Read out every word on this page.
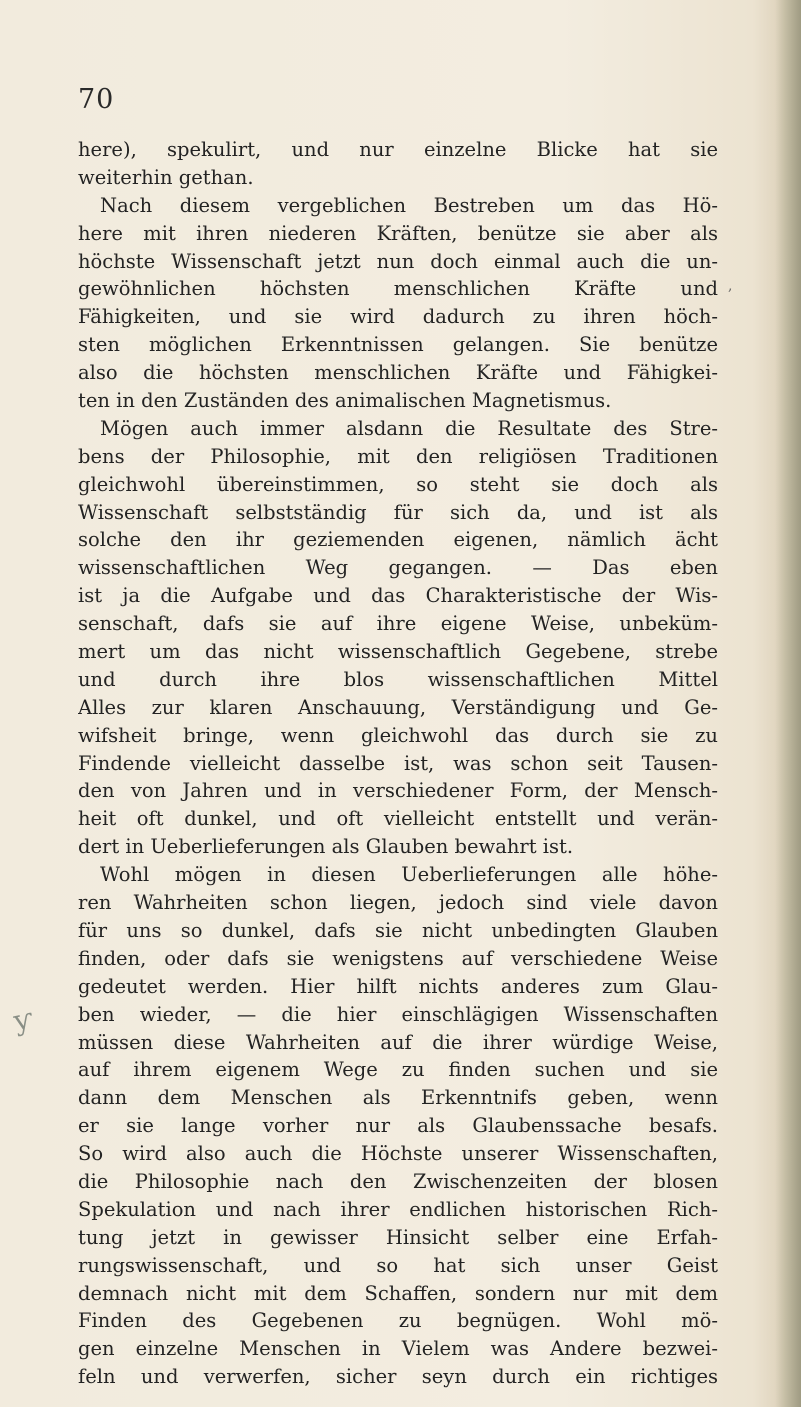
70
ƴ
,
here), spekulirt, und nur einzelne Blicke hat sie
weiterhin gethan.
Nach diesem vergeblichen Bestreben um das Hö-
here mit ihren niederen Kräften, benütze sie aber als
höchste Wissenschaft jetzt nun doch einmal auch die un-
gewöhnlichen höchsten menschlichen Kräfte und
Fähigkeiten, und sie wird dadurch zu ihren höch-
sten möglichen Erkenntnissen gelangen. Sie benütze
also die höchsten menschlichen Kräfte und Fähigkei-
ten in den Zuständen des animalischen Magnetismus.
Mögen auch immer alsdann die Resultate des Stre-
bens der Philosophie, mit den religiösen Traditionen
gleichwohl übereinstimmen, so steht sie doch als
Wissenschaft selbstständig für sich da, und ist als
solche den ihr geziemenden eigenen, nämlich ächt
wissenschaftlichen Weg gegangen. — Das eben
ist ja die Aufgabe und das Charakteristische der Wis-
senschaft, dafs sie auf ihre eigene Weise, unbeküm-
mert um das nicht wissenschaftlich Gegebene, strebe
und durch ihre blos wissenschaftlichen Mittel
Alles zur klaren Anschauung, Verständigung und Ge-
wifsheit bringe, wenn gleichwohl das durch sie zu
Findende vielleicht dasselbe ist, was schon seit Tausen-
den von Jahren und in verschiedener Form, der Mensch-
heit oft dunkel, und oft vielleicht entstellt und verän-
dert in Ueberlieferungen als Glauben bewahrt ist.
Wohl mögen in diesen Ueberlieferungen alle höhe-
ren Wahrheiten schon liegen, jedoch sind viele davon
für uns so dunkel, dafs sie nicht unbedingten Glauben
finden, oder dafs sie wenigstens auf verschiedene Weise
gedeutet werden. Hier hilft nichts anderes zum Glau-
ben wieder, — die hier einschlägigen Wissenschaften
müssen diese Wahrheiten auf die ihrer würdige Weise,
auf ihrem eigenem Wege zu finden suchen und sie
dann dem Menschen als Erkenntnifs geben, wenn
er sie lange vorher nur als Glaubenssache besafs.
So wird also auch die Höchste unserer Wissenschaften,
die Philosophie nach den Zwischenzeiten der blosen
Spekulation und nach ihrer endlichen historischen Rich-
tung jetzt in gewisser Hinsicht selber eine Erfah-
rungswissenschaft, und so hat sich unser Geist
demnach nicht mit dem Schaffen, sondern nur mit dem
Finden des Gegebenen zu begnügen. Wohl mö-
gen einzelne Menschen in Vielem was Andere bezwei-
feln und verwerfen, sicher seyn durch ein richtiges
